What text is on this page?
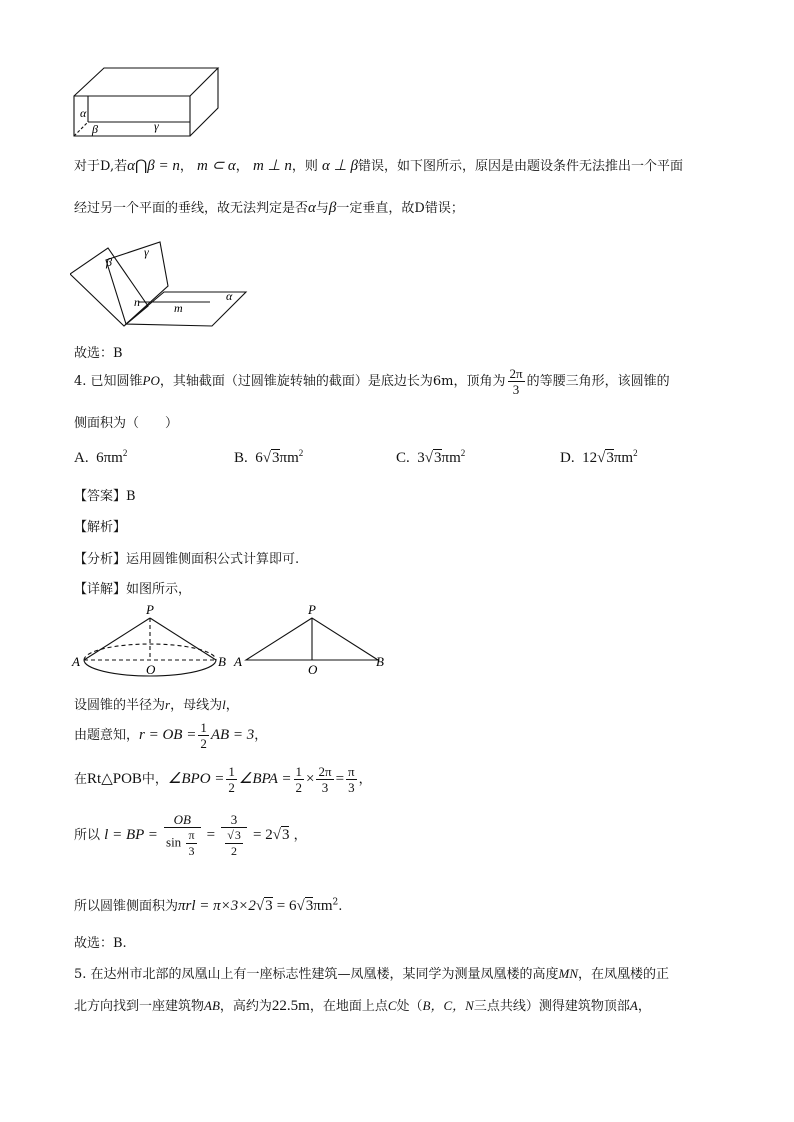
α
β	γ
对于D,若α⋂β = n， m ⊂ α， m ⊥ n，则 α ⊥ β错误，如下图所示，原因是由题设条件无法推出一个平面
经过另一个平面的垂线，故无法判定是否α与β一定垂直，故D错误；
β
γ
n	m
α
故选：B
4. 已知圆锥PO，其轴截面（过圆锥旋转轴的截面）是底边长为6m，顶角为 $\frac{2\pi}{3}$ 的等腰三角形，该圆锥的
侧面积为（　　）
A. $6\pi m^2$	B. $6√3\pi m^2$	C. $3√3\pi m^2$	D. $12√3\pi m^2$
【答案】B
【解析】
【分析】运用圆锥侧面积公式计算即可.
【详解】如图所示，
P
A
O
B
P
A
O
B
设圆锥的半径为r，母线为l，
由题意知，r = OB = $\frac{1}{2}$ AB = 3，
在Rt△POB中，∠BPO = $\frac{1}{2}$ ∠BPA = $\frac{1}{2} \times \frac{2\pi}{3} = \frac{\pi}{3}$ ，
所以 l = BP = $\frac{OB}{\sin \frac{\pi}{3}} = \frac{3}{\frac{√3}{2}} = 2√3$ ，
所以圆锥侧面积为$\pi rl = \pi\times 3\times 2√3 = 6√3\pi m^2$.
故选：B.
5. 在达州市北部的凤凰山上有一座标志性建筑—凤凰楼，某同学为测量凤凰楼的高度MN，在凤凰楼的正
北方向找到一座建筑物AB，高约为22.5m，在地面上点C处（B，C，N三点共线）测得建筑物顶部A，
